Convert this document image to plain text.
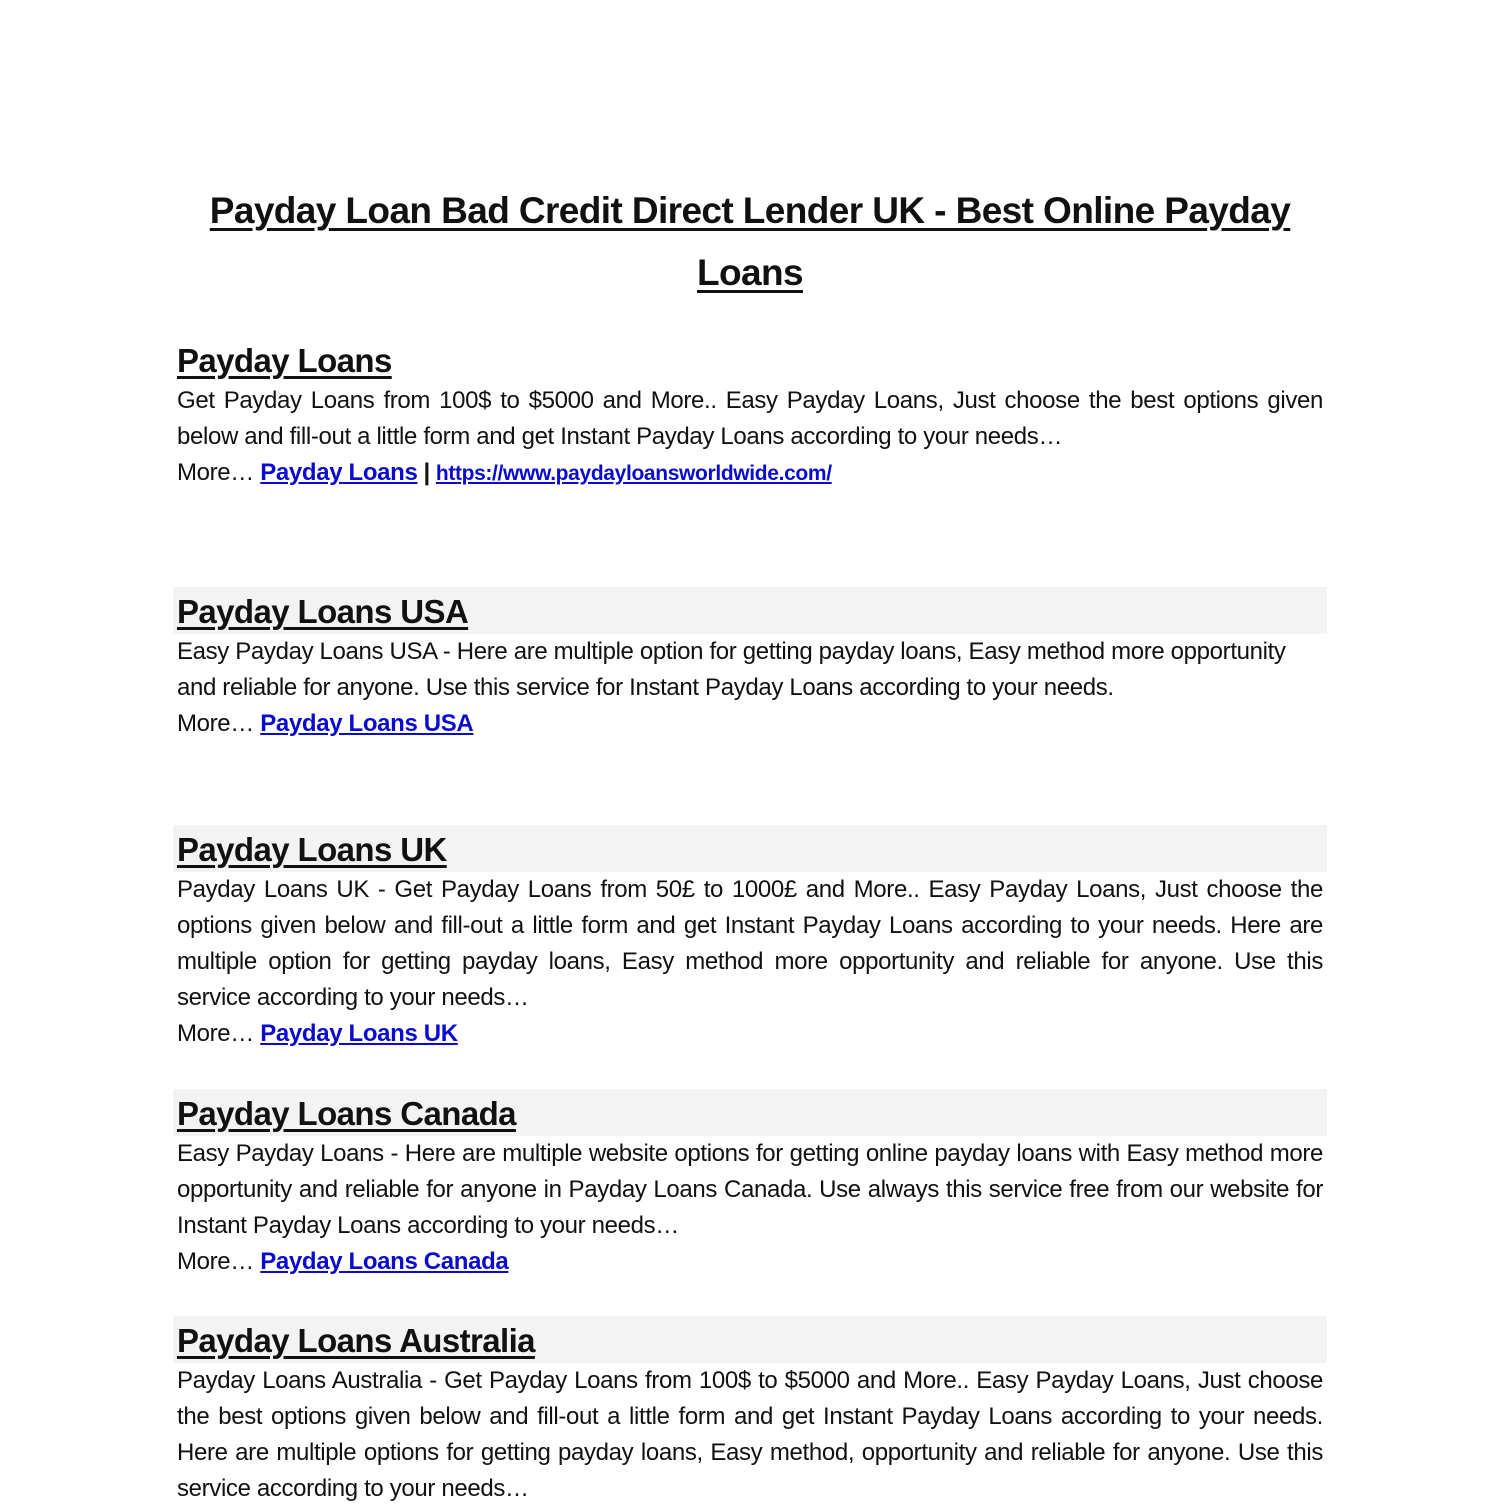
Payday Loan Bad Credit Direct Lender UK - Best Online Payday
Loans
Payday Loans
Get Payday Loans from 100$ to $5000 and More.. Easy Payday Loans, Just choose the best options given below and fill-out a little form and get Instant Payday Loans according to your needs…
More… Payday Loans | https://www.paydayloansworldwide.com/
Payday Loans USA
Easy Payday Loans USA - Here are multiple option for getting payday loans, Easy method more opportunity and reliable for anyone. Use this service for Instant Payday Loans according to your needs.
More… Payday Loans USA
Payday Loans UK
Payday Loans UK - Get Payday Loans from 50£ to 1000£ and More.. Easy Payday Loans, Just choose the options given below and fill-out a little form and get Instant Payday Loans according to your needs. Here are multiple option for getting payday loans, Easy method more opportunity and reliable for anyone. Use this service according to your needs…
More… Payday Loans UK
Payday Loans Canada
Easy Payday Loans - Here are multiple website options for getting online payday loans with Easy method more opportunity and reliable for anyone in Payday Loans Canada. Use always this service free from our website for Instant Payday Loans according to your needs…
More… Payday Loans Canada
Payday Loans Australia
Payday Loans Australia - Get Payday Loans from 100$ to $5000 and More.. Easy Payday Loans, Just choose the best options given below and fill-out a little form and get Instant Payday Loans according to your needs. Here are multiple options for getting payday loans, Easy method, opportunity and reliable for anyone. Use this service according to your needs…
